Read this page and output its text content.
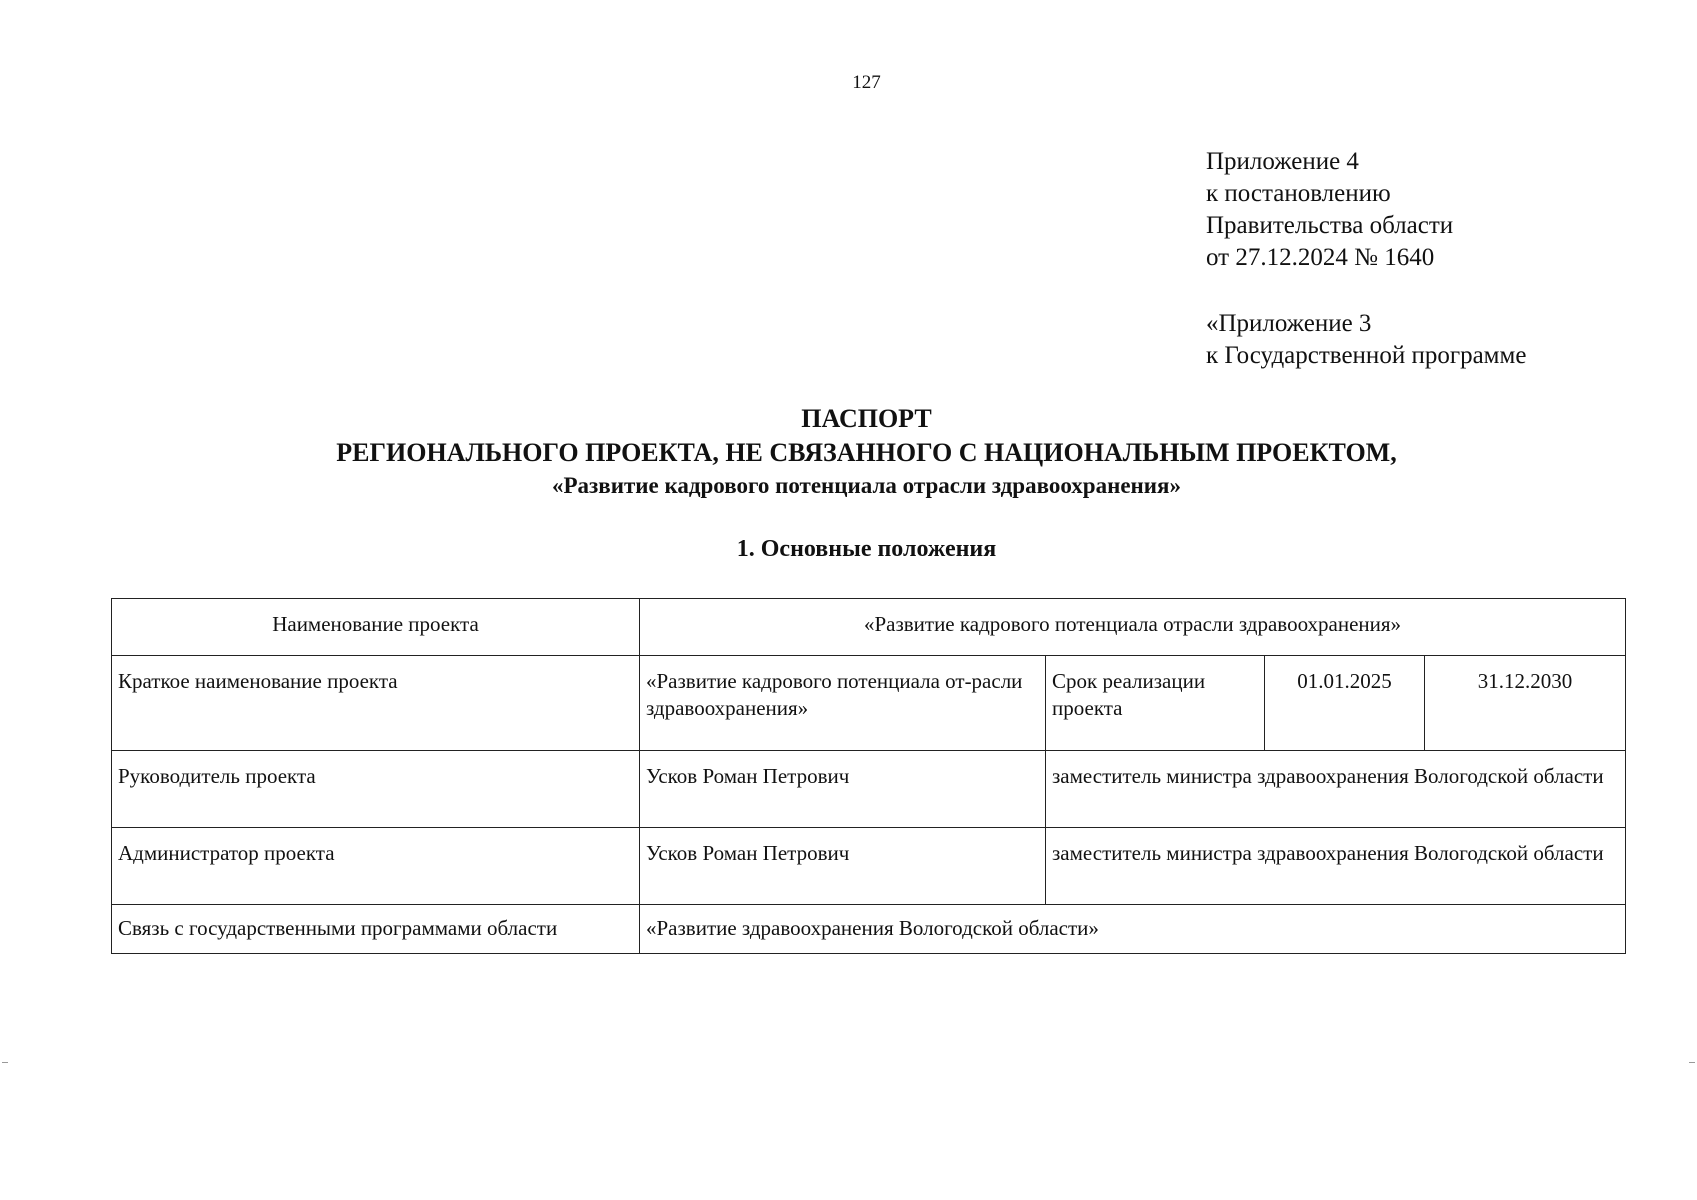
127
Приложение 4
к постановлению
Правительства области
от 27.12.2024 № 1640
«Приложение 3
к Государственной программе
ПАСПОРТ
РЕГИОНАЛЬНОГО ПРОЕКТА, НЕ СВЯЗАННОГО С НАЦИОНАЛЬНЫМ ПРОЕКТОМ,
«Развитие кадрового потенциала отрасли здравоохранения»
1. Основные положения
Наименование проекта	«Развитие кадрового потенциала отрасли здравоохранения»			
Краткое наименование проекта	«Развитие кадрового потенциала от-расли здравоохранения»	Срок реализации проекта	01.01.2025	31.12.2030
Руководитель проекта	Усков Роман Петрович	заместитель министра здравоохранения Вологодской области		
Администратор проекта	Усков Роман Петрович	заместитель министра здравоохранения Вологодской области		
Связь с государственными программами области	«Развитие здравоохранения Вологодской области»			
